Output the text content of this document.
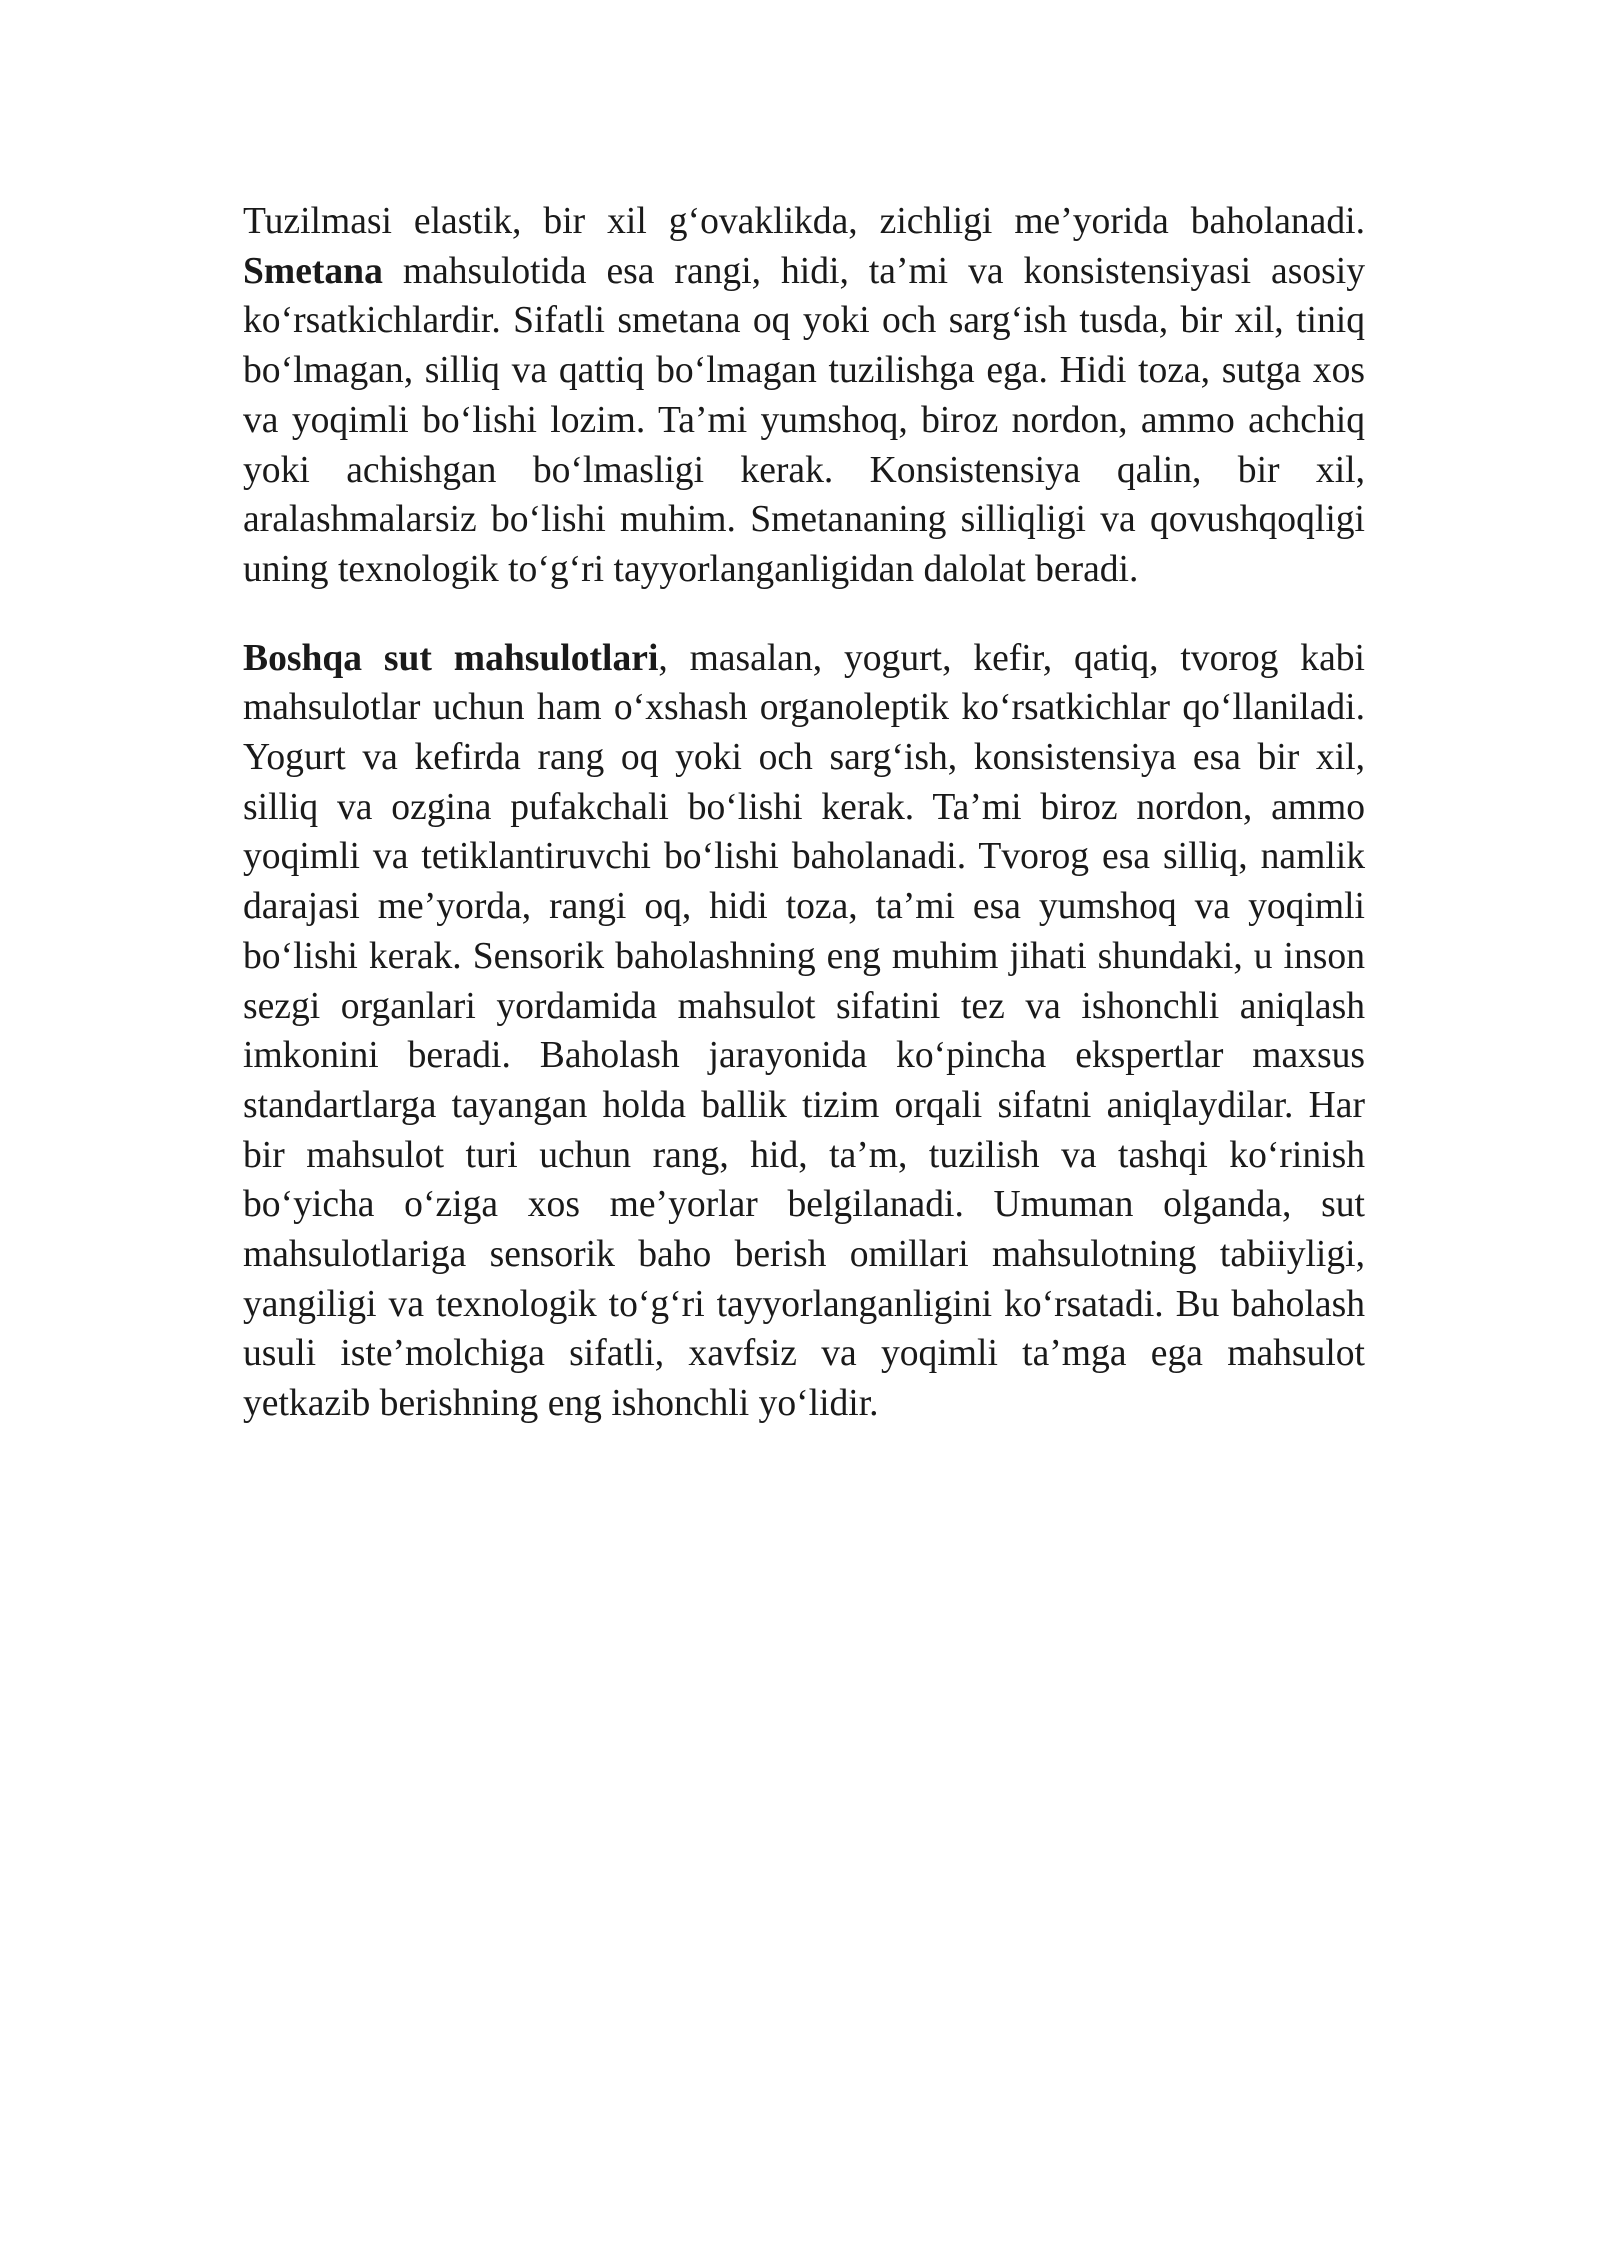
Tuzilmasi elastik, bir xil g‘ovaklikda, zichligi me’yorida baholanadi. Smetana mahsulotida esa rangi, hidi, ta’mi va konsistensiyasi asosiy ko‘rsatkichlardir. Sifatli smetana oq yoki och sarg‘ish tusda, bir xil, tiniq bo‘lmagan, silliq va qattiq bo‘lmagan tuzilishga ega. Hidi toza, sutga xos va yoqimli bo‘lishi lozim. Ta’mi yumshoq, biroz nordon, ammo achchiq yoki achishgan bo‘lmasligi kerak. Konsistensiya qalin, bir xil, aralashmalarsiz bo‘lishi muhim. Smetananing silliqligi va qovushqoqligi uning texnologik to‘g‘ri tayyorlanganligidan dalolat beradi.

Boshqa sut mahsulotlari, masalan, yogurt, kefir, qatiq, tvorog kabi mahsulotlar uchun ham o‘xshash organoleptik ko‘rsatkichlar qo‘llaniladi. Yogurt va kefirda rang oq yoki och sarg‘ish, konsistensiya esa bir xil, silliq va ozgina pufakchali bo‘lishi kerak. Ta’mi biroz nordon, ammo yoqimli va tetiklantiruvchi bo‘lishi baholanadi. Tvorog esa silliq, namlik darajasi me’yorda, rangi oq, hidi toza, ta’mi esa yumshoq va yoqimli bo‘lishi kerak. Sensorik baholashning eng muhim jihati shundaki, u inson sezgi organlari yordamida mahsulot sifatini tez va ishonchli aniqlash imkonini beradi. Baholash jarayonida ko‘pincha ekspertlar maxsus standartlarga tayangan holda ballik tizim orqali sifatni aniqlaydilar. Har bir mahsulot turi uchun rang, hid, ta’m, tuzilish va tashqi ko‘rinish bo‘yicha o‘ziga xos me’yorlar belgilanadi. Umuman olganda, sut mahsulotlariga sensorik baho berish omillari mahsulotning tabiiyligi, yangiligi va texnologik to‘g‘ri tayyorlanganligini ko‘rsatadi. Bu baholash usuli iste’molchiga sifatli, xavfsiz va yoqimli ta’mga ega mahsulot yetkazib berishning eng ishonchli yo‘lidir.
